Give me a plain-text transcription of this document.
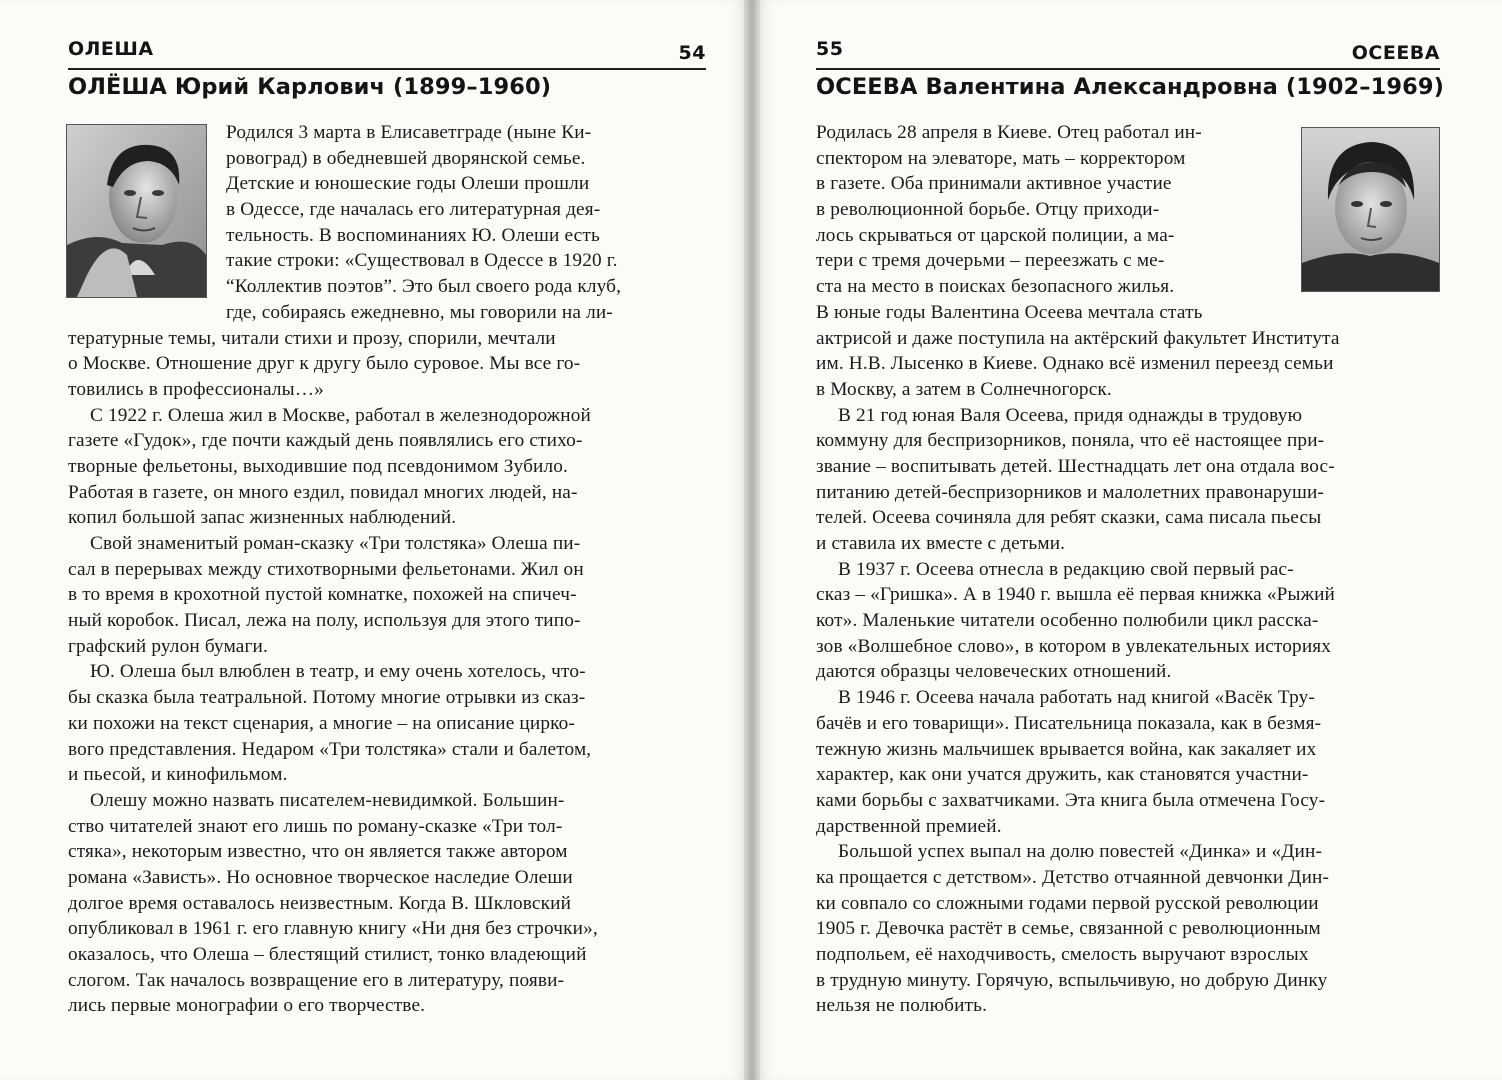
ОЛЕША	54
ОЛЁША Юрий Карлович (1899–1960)
Родился 3 марта в Елисаветграде (ныне Ки-
ровоград) в обедневшей дворянской семье.
Детские и юношеские годы Олеши прошли
в Одессе, где началась его литературная дея-
тельность. В воспоминаниях Ю. Олеши есть
такие строки: «Существовал в Одессе в 1920 г.
“Коллектив поэтов”. Это был своего рода клуб,
где, собираясь ежедневно, мы говорили на ли-
тературные темы, читали стихи и прозу, спорили, мечтали
о Москве. Отношение друг к другу было суровое. Мы все го-
товились в профессионалы…»
С 1922 г. Олеша жил в Москве, работал в железнодорожной
газете «Гудок», где почти каждый день появлялись его стихо-
творные фельетоны, выходившие под псевдонимом Зубило.
Работая в газете, он много ездил, повидал многих людей, на-
копил большой запас жизненных наблюдений.
Свой знаменитый роман-сказку «Три толстяка» Олеша пи-
сал в перерывах между стихотворными фельетонами. Жил он
в то время в крохотной пустой комнатке, похожей на спичеч-
ный коробок. Писал, лежа на полу, используя для этого типо-
графский рулон бумаги.
Ю. Олеша был влюблен в театр, и ему очень хотелось, что-
бы сказка была театральной. Потому многие отрывки из сказ-
ки похожи на текст сценария, а многие – на описание цирко-
вого представления. Недаром «Три толстяка» стали и балетом,
и пьесой, и кинофильмом.
Олешу можно назвать писателем-невидимкой. Большин-
ство читателей знают его лишь по роману-сказке «Три тол-
стяка», некоторым известно, что он является также автором
романа «Зависть». Но основное творческое наследие Олеши
долгое время оставалось неизвестным. Когда В. Шкловский
опубликовал в 1961 г. его главную книгу «Ни дня без строчки»,
оказалось, что Олеша – блестящий стилист, тонко владеющий
слогом. Так началось возвращение его в литературу, появи-
лись первые монографии о его творчестве.
55	ОСЕЕВА
ОСЕЕВА Валентина Александровна (1902–1969)
Родилась 28 апреля в Киеве. Отец работал ин-
спектором на элеваторе, мать – корректором
в газете. Оба принимали активное участие
в революционной борьбе. Отцу приходи-
лось скрываться от царской полиции, а ма-
тери с тремя дочерьми – переезжать с ме-
ста на место в поисках безопасного жилья.
В юные годы Валентина Осеева мечтала стать
актрисой и даже поступила на актёрский факультет Института
им. Н.В. Лысенко в Киеве. Однако всё изменил переезд семьи
в Москву, а затем в Солнечногорск.
В 21 год юная Валя Осеева, придя однажды в трудовую
коммуну для беспризорников, поняла, что её настоящее при-
звание – воспитывать детей. Шестнадцать лет она отдала вос-
питанию детей-беспризорников и малолетних правонаруши-
телей. Осеева сочиняла для ребят сказки, сама писала пьесы
и ставила их вместе с детьми.
В 1937 г. Осеева отнесла в редакцию свой первый рас-
сказ – «Гришка». А в 1940 г. вышла её первая книжка «Рыжий
кот». Маленькие читатели особенно полюбили цикл расска-
зов «Волшебное слово», в котором в увлекательных историях
даются образцы человеческих отношений.
В 1946 г. Осеева начала работать над книгой «Васёк Тру-
бачёв и его товарищи». Писательница показала, как в безмя-
тежную жизнь мальчишек врывается война, как закаляет их
характер, как они учатся дружить, как становятся участни-
ками борьбы с захватчиками. Эта книга была отмечена Госу-
дарственной премией.
Большой успех выпал на долю повестей «Динка» и «Дин-
ка прощается с детством». Детство отчаянной девчонки Дин-
ки совпало со сложными годами первой русской революции
1905 г. Девочка растёт в семье, связанной с революционным
подпольем, её находчивость, смелость выручают взрослых
в трудную минуту. Горячую, вспыльчивую, но добрую Динку
нельзя не полюбить.
